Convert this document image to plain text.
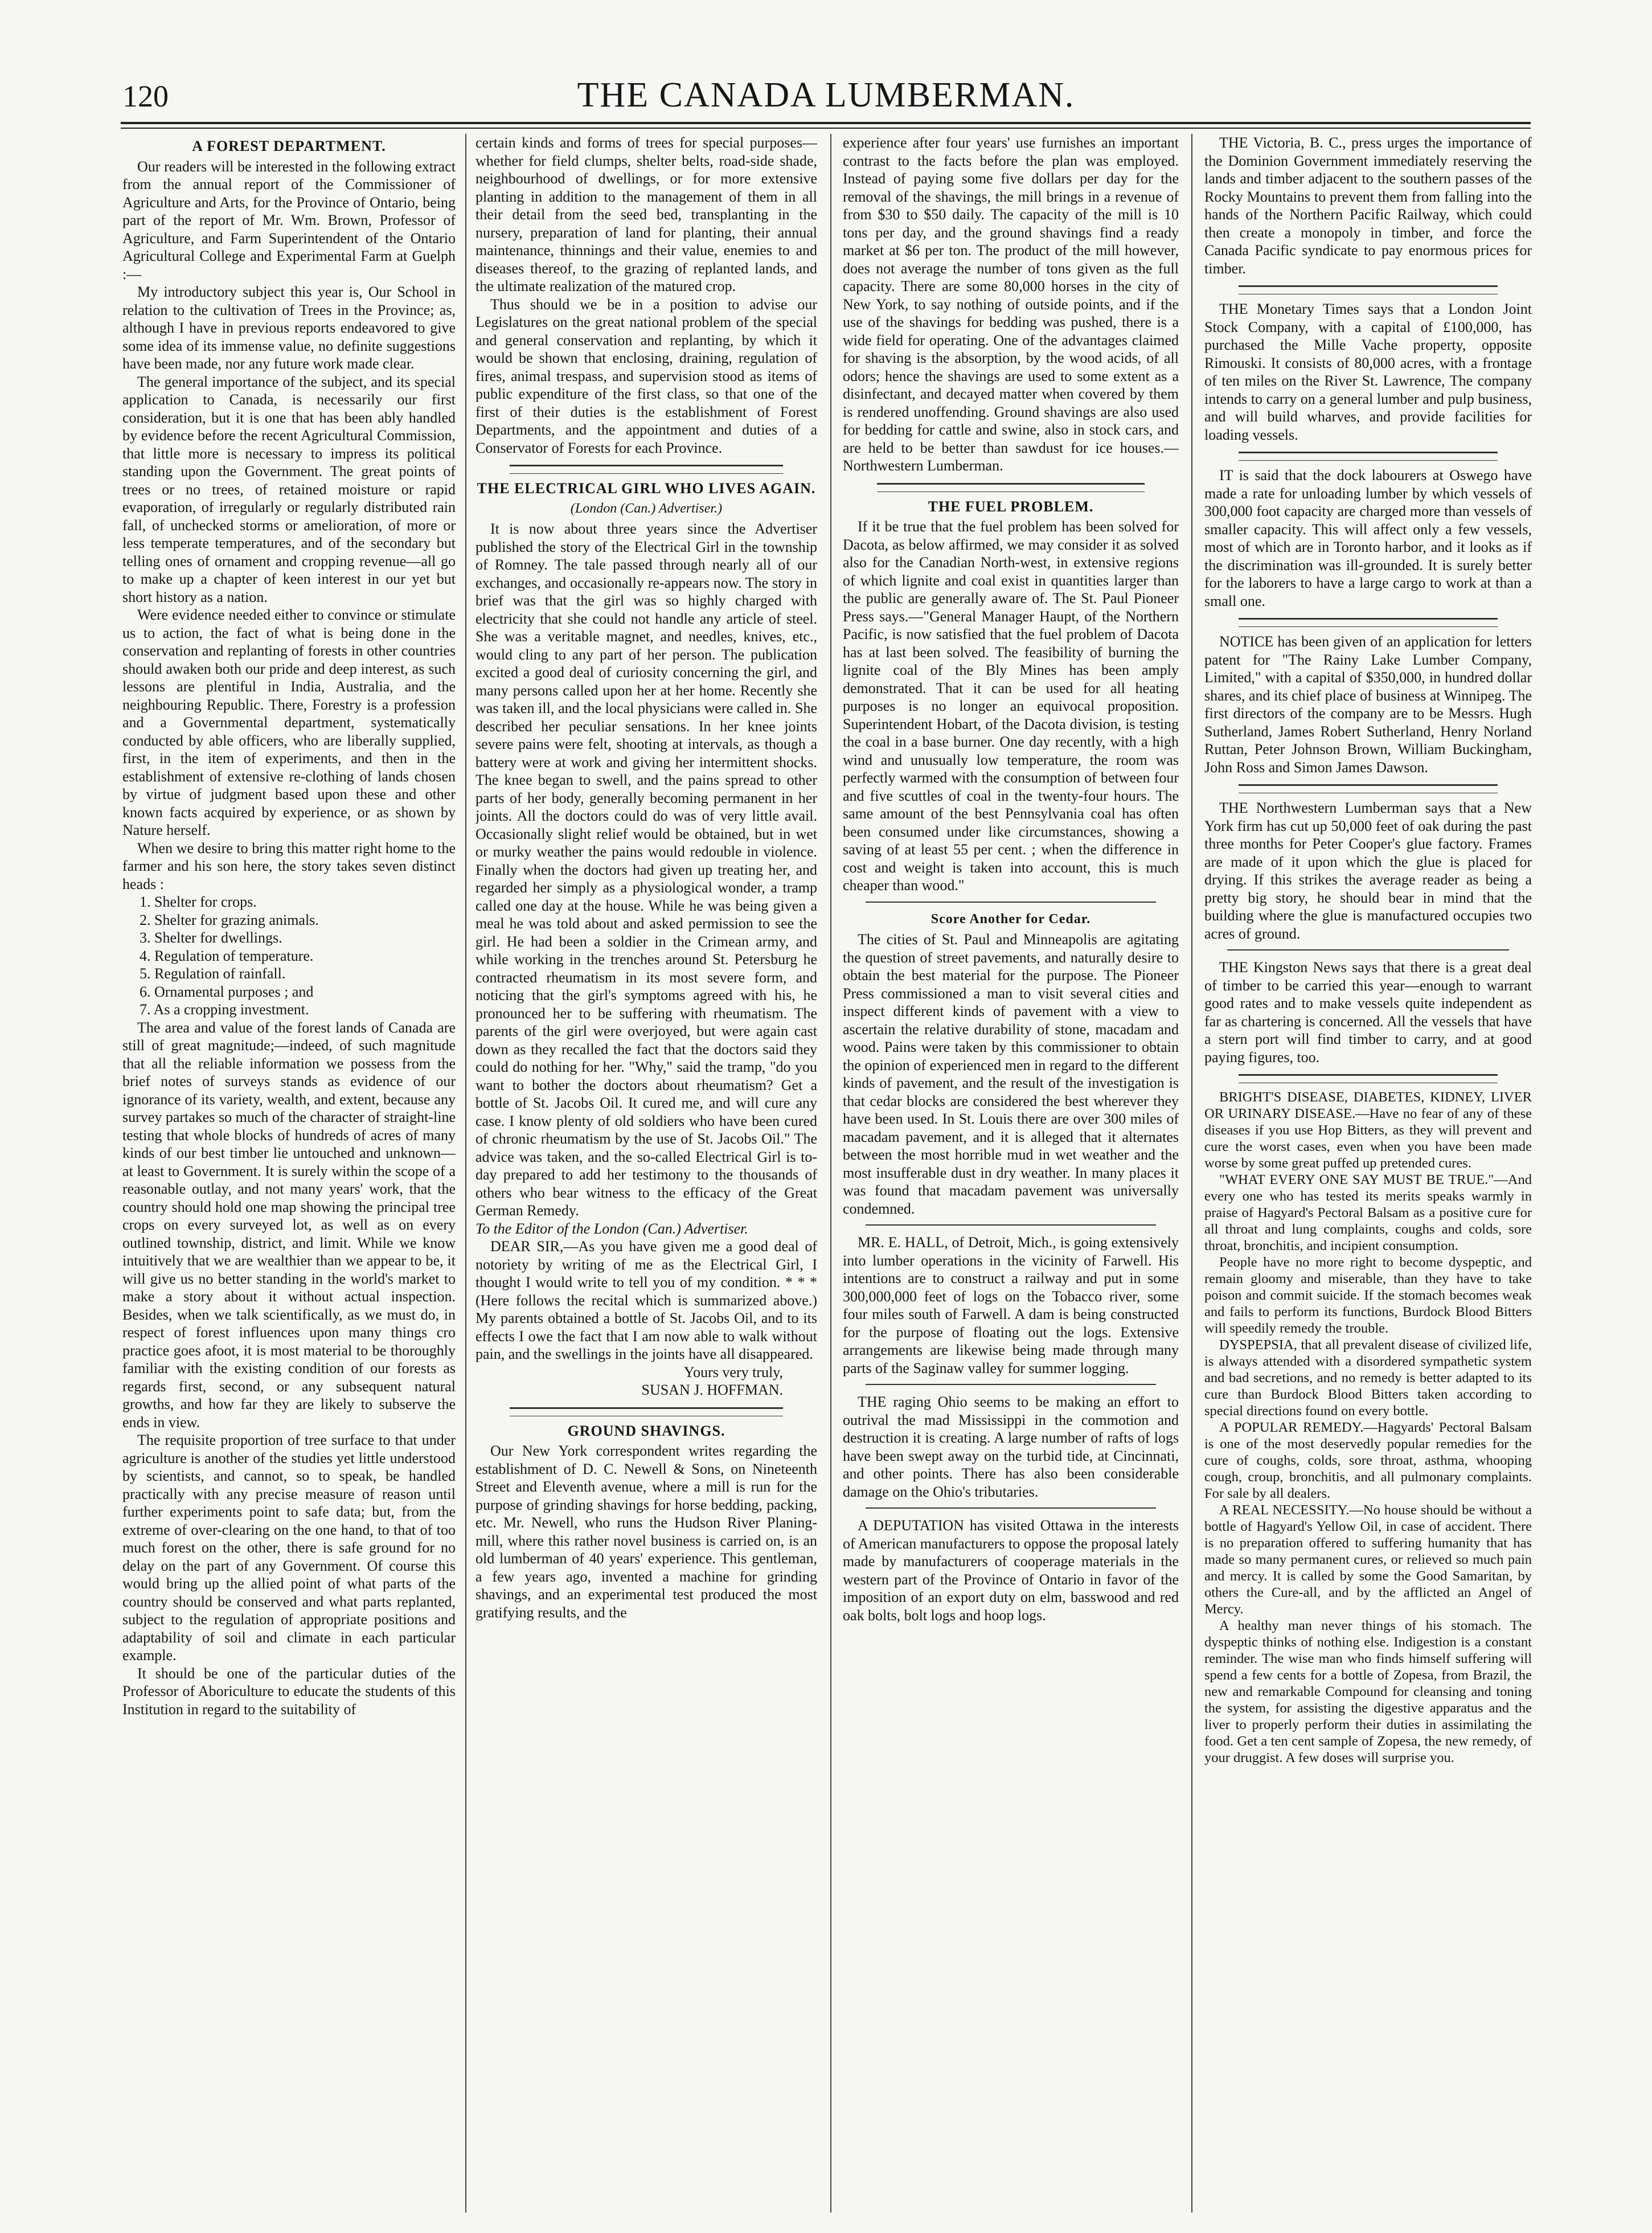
120	THE CANADA LUMBERMAN.
A FOREST DEPARTMENT.

Our readers will be interested in the following extract from the annual report of the Commissioner of Agriculture and Arts, for the Province of Ontario, being part of the report of Mr. Wm. Brown, Professor of Agriculture, and Farm Superintendent of the Ontario Agricultural College and Experimental Farm at Guelph :—

My introductory subject this year is, Our School in relation to the cultivation of Trees in the Province; as, although I have in previous reports endeavored to give some idea of its immense value, no definite suggestions have been made, nor any future work made clear.

The general importance of the subject, and its special application to Canada, is necessarily our first consideration, but it is one that has been ably handled by evidence before the recent Agricultural Commission, that little more is necessary to impress its political standing upon the Government. The great points of trees or no trees, of retained moisture or rapid evaporation, of irregularly or regularly distributed rain fall, of unchecked storms or amelioration, of more or less temperate temperatures, and of the secondary but telling ones of ornament and cropping revenue—all go to make up a chapter of keen interest in our yet but short history as a nation.

Were evidence needed either to convince or stimulate us to action, the fact of what is being done in the conservation and replanting of forests in other countries should awaken both our pride and deep interest, as such lessons are plentiful in India, Australia, and the neighbouring Republic. There, Forestry is a profession and a Governmental department, systematically conducted by able officers, who are liberally supplied, first, in the item of experiments, and then in the establishment of extensive re-clothing of lands chosen by virtue of judgment based upon these and other known facts acquired by experience, or as shown by Nature herself.

When we desire to bring this matter right home to the farmer and his son here, the story takes seven distinct heads :

1. Shelter for crops.
2. Shelter for grazing animals.
3. Shelter for dwellings.
4. Regulation of temperature.
5. Regulation of rainfall.
6. Ornamental purposes ; and
7. As a cropping investment.

The area and value of the forest lands of Canada are still of great magnitude;—indeed, of such magnitude that all the reliable information we possess from the brief notes of surveys stands as evidence of our ignorance of its variety, wealth, and extent, because any survey partakes so much of the character of straight-line testing that whole blocks of hundreds of acres of many kinds of our best timber lie untouched and unknown—at least to Government. It is surely within the scope of a reasonable outlay, and not many years' work, that the country should hold one map showing the principal tree crops on every surveyed lot, as well as on every outlined township, district, and limit. While we know intuitively that we are wealthier than we appear to be, it will give us no better standing in the world's market to make a story about it without actual inspection. Besides, when we talk scientifically, as we must do, in respect of forest influences upon many things cro practice goes afoot, it is most material to be thoroughly familiar with the existing condition of our forests as regards first, second, or any subsequent natural growths, and how far they are likely to subserve the ends in view.

The requisite proportion of tree surface to that under agriculture is another of the studies yet little understood by scientists, and cannot, so to speak, be handled practically with any precise measure of reason until further experiments point to safe data; but, from the extreme of over-clearing on the one hand, to that of too much forest on the other, there is safe ground for no delay on the part of any Government. Of course this would bring up the allied point of what parts of the country should be conserved and what parts replanted, subject to the regulation of appropriate positions and adaptability of soil and climate in each particular example.

It should be one of the particular duties of the Professor of Aboriculture to educate the students of this Institution in regard to the suitability of

certain kinds and forms of trees for special purposes—whether for field clumps, shelter belts, road-side shade, neighbourhood of dwellings, or for more extensive planting in addition to the management of them in all their detail from the seed bed, transplanting in the nursery, preparation of land for planting, their annual maintenance, thinnings and their value, enemies to and diseases thereof, to the grazing of replanted lands, and the ultimate realization of the matured crop.

Thus should we be in a position to advise our Legislatures on the great national problem of the special and general conservation and replanting, by which it would be shown that enclosing, draining, regulation of fires, animal trespass, and supervision stood as items of public expenditure of the first class, so that one of the first of their duties is the establishment of Forest Departments, and the appointment and duties of a Conservator of Forests for each Province.

THE ELECTRICAL GIRL WHO LIVES AGAIN.
(London (Can.) Advertiser.)

It is now about three years since the Advertiser published the story of the Electrical Girl in the township of Romney. The tale passed through nearly all of our exchanges, and occasionally re-appears now. The story in brief was that the girl was so highly charged with electricity that she could not handle any article of steel. She was a veritable magnet, and needles, knives, etc., would cling to any part of her person. The publication excited a good deal of curiosity concerning the girl, and many persons called upon her at her home. Recently she was taken ill, and the local physicians were called in. She described her peculiar sensations. In her knee joints severe pains were felt, shooting at intervals, as though a battery were at work and giving her intermittent shocks. The knee began to swell, and the pains spread to other parts of her body, generally becoming permanent in her joints. All the doctors could do was of very little avail. Occasionally slight relief would be obtained, but in wet or murky weather the pains would redouble in violence. Finally when the doctors had given up treating her, and regarded her simply as a physiological wonder, a tramp called one day at the house. While he was being given a meal he was told about and asked permission to see the girl. He had been a soldier in the Crimean army, and while working in the trenches around St. Petersburg he contracted rheumatism in its most severe form, and noticing that the girl's symptoms agreed with his, he pronounced her to be suffering with rheumatism. The parents of the girl were overjoyed, but were again cast down as they recalled the fact that the doctors said they could do nothing for her. "Why," said the tramp, "do you want to bother the doctors about rheumatism? Get a bottle of St. Jacobs Oil. It cured me, and will cure any case. I know plenty of old soldiers who have been cured of chronic rheumatism by the use of St. Jacobs Oil." The advice was taken, and the so-called Electrical Girl is to-day prepared to add her testimony to the thousands of others who bear witness to the efficacy of the Great German Remedy.

To the Editor of the London (Can.) Advertiser.

DEAR SIR,—As you have given me a good deal of notoriety by writing of me as the Electrical Girl, I thought I would write to tell you of my condition. * * * (Here follows the recital which is summarized above.) My parents obtained a bottle of St. Jacobs Oil, and to its effects I owe the fact that I am now able to walk without pain, and the swellings in the joints have all disappeared.

Yours very truly,

SUSAN J. HOFFMAN.

GROUND SHAVINGS.

Our New York correspondent writes regarding the establishment of D. C. Newell & Sons, on Nineteenth Street and Eleventh avenue, where a mill is run for the purpose of grinding shavings for horse bedding, packing, etc. Mr. Newell, who runs the Hudson River Planing-mill, where this rather novel business is carried on, is an old lumberman of 40 years' experience. This gentleman, a few years ago, invented a machine for grinding shavings, and an experimental test produced the most gratifying results, and the

experience after four years' use furnishes an important contrast to the facts before the plan was employed. Instead of paying some five dollars per day for the removal of the shavings, the mill brings in a revenue of from $30 to $50 daily. The capacity of the mill is 10 tons per day, and the ground shavings find a ready market at $6 per ton. The product of the mill however, does not average the number of tons given as the full capacity. There are some 80,000 horses in the city of New York, to say nothing of outside points, and if the use of the shavings for bedding was pushed, there is a wide field for operating. One of the advantages claimed for shaving is the absorption, by the wood acids, of all odors; hence the shavings are used to some extent as a disinfectant, and decayed matter when covered by them is rendered unoffending. Ground shavings are also used for bedding for cattle and swine, also in stock cars, and are held to be better than sawdust for ice houses.—Northwestern Lumberman.

THE FUEL PROBLEM.

If it be true that the fuel problem has been solved for Dacota, as below affirmed, we may consider it as solved also for the Canadian North-west, in extensive regions of which lignite and coal exist in quantities larger than the public are generally aware of. The St. Paul Pioneer Press says.—"General Manager Haupt, of the Northern Pacific, is now satisfied that the fuel problem of Dacota has at last been solved. The feasibility of burning the lignite coal of the Bly Mines has been amply demonstrated. That it can be used for all heating purposes is no longer an equivocal proposition. Superintendent Hobart, of the Dacota division, is testing the coal in a base burner. One day recently, with a high wind and unusually low temperature, the room was perfectly warmed with the consumption of between four and five scuttles of coal in the twenty-four hours. The same amount of the best Pennsylvania coal has often been consumed under like circumstances, showing a saving of at least 55 per cent. ; when the difference in cost and weight is taken into account, this is much cheaper than wood."

Score Another for Cedar.

The cities of St. Paul and Minneapolis are agitating the question of street pavements, and naturally desire to obtain the best material for the purpose. The Pioneer Press commissioned a man to visit several cities and inspect different kinds of pavement with a view to ascertain the relative durability of stone, macadam and wood. Pains were taken by this commissioner to obtain the opinion of experienced men in regard to the different kinds of pavement, and the result of the investigation is that cedar blocks are considered the best wherever they have been used. In St. Louis there are over 300 miles of macadam pavement, and it is alleged that it alternates between the most horrible mud in wet weather and the most insufferable dust in dry weather. In many places it was found that macadam pavement was universally condemned.

MR. E. HALL, of Detroit, Mich., is going extensively into lumber operations in the vicinity of Farwell. His intentions are to construct a railway and put in some 300,000,000 feet of logs on the Tobacco river, some four miles south of Farwell. A dam is being constructed for the purpose of floating out the logs. Extensive arrangements are likewise being made through many parts of the Saginaw valley for summer logging.

THE raging Ohio seems to be making an effort to outrival the mad Mississippi in the commotion and destruction it is creating. A large number of rafts of logs have been swept away on the turbid tide, at Cincinnati, and other points. There has also been considerable damage on the Ohio's tributaries.

A DEPUTATION has visited Ottawa in the interests of American manufacturers to oppose the proposal lately made by manufacturers of cooperage materials in the western part of the Province of Ontario in favor of the imposition of an export duty on elm, basswood and red oak bolts, bolt logs and hoop logs.

THE Victoria, B. C., press urges the importance of the Dominion Government immediately reserving the lands and timber adjacent to the southern passes of the Rocky Mountains to prevent them from falling into the hands of the Northern Pacific Railway, which could then create a monopoly in timber, and force the Canada Pacific syndicate to pay enormous prices for timber.

THE Monetary Times says that a London Joint Stock Company, with a capital of £100,000, has purchased the Mille Vache property, opposite Rimouski. It consists of 80,000 acres, with a frontage of ten miles on the River St. Lawrence, The company intends to carry on a general lumber and pulp business, and will build wharves, and provide facilities for loading vessels.

IT is said that the dock labourers at Oswego have made a rate for unloading lumber by which vessels of 300,000 foot capacity are charged more than vessels of smaller capacity. This will affect only a few vessels, most of which are in Toronto harbor, and it looks as if the discrimination was ill-grounded. It is surely better for the laborers to have a large cargo to work at than a small one.

NOTICE has been given of an application for letters patent for "The Rainy Lake Lumber Company, Limited," with a capital of $350,000, in hundred dollar shares, and its chief place of business at Winnipeg. The first directors of the company are to be Messrs. Hugh Sutherland, James Robert Sutherland, Henry Norland Ruttan, Peter Johnson Brown, William Buckingham, John Ross and Simon James Dawson.

THE Northwestern Lumberman says that a New York firm has cut up 50,000 feet of oak during the past three months for Peter Cooper's glue factory. Frames are made of it upon which the glue is placed for drying. If this strikes the average reader as being a pretty big story, he should bear in mind that the building where the glue is manufactured occupies two acres of ground.

THE Kingston News says that there is a great deal of timber to be carried this year—enough to warrant good rates and to make vessels quite independent as far as chartering is concerned. All the vessels that have a stern port will find timber to carry, and at good paying figures, too.

BRIGHT'S DISEASE, DIABETES, KIDNEY, LIVER OR URINARY DISEASE.—Have no fear of any of these diseases if you use Hop Bitters, as they will prevent and cure the worst cases, even when you have been made worse by some great puffed up pretended cures.

"WHAT EVERY ONE SAY MUST BE TRUE."—And every one who has tested its merits speaks warmly in praise of Hagyard's Pectoral Balsam as a positive cure for all throat and lung complaints, coughs and colds, sore throat, bronchitis, and incipient consumption.

People have no more right to become dyspeptic, and remain gloomy and miserable, than they have to take poison and commit suicide. If the stomach becomes weak and fails to perform its functions, Burdock Blood Bitters will speedily remedy the trouble.

DYSPEPSIA, that all prevalent disease of civilized life, is always attended with a disordered sympathetic system and bad secretions, and no remedy is better adapted to its cure than Burdock Blood Bitters taken according to special directions found on every bottle.

A POPULAR REMEDY.—Hagyards' Pectoral Balsam is one of the most deservedly popular remedies for the cure of coughs, colds, sore throat, asthma, whooping cough, croup, bronchitis, and all pulmonary complaints. For sale by all dealers.

A REAL NECESSITY.—No house should be without a bottle of Hagyard's Yellow Oil, in case of accident. There is no preparation offered to suffering humanity that has made so many permanent cures, or relieved so much pain and mercy. It is called by some the Good Samaritan, by others the Cure-all, and by the afflicted an Angel of Mercy.

A healthy man never things of his stomach. The dyspeptic thinks of nothing else. Indigestion is a constant reminder. The wise man who finds himself suffering will spend a few cents for a bottle of Zopesa, from Brazil, the new and remarkable Compound for cleansing and toning the system, for assisting the digestive apparatus and the liver to properly perform their duties in assimilating the food. Get a ten cent sample of Zopesa, the new remedy, of your druggist. A few doses will surprise you.
